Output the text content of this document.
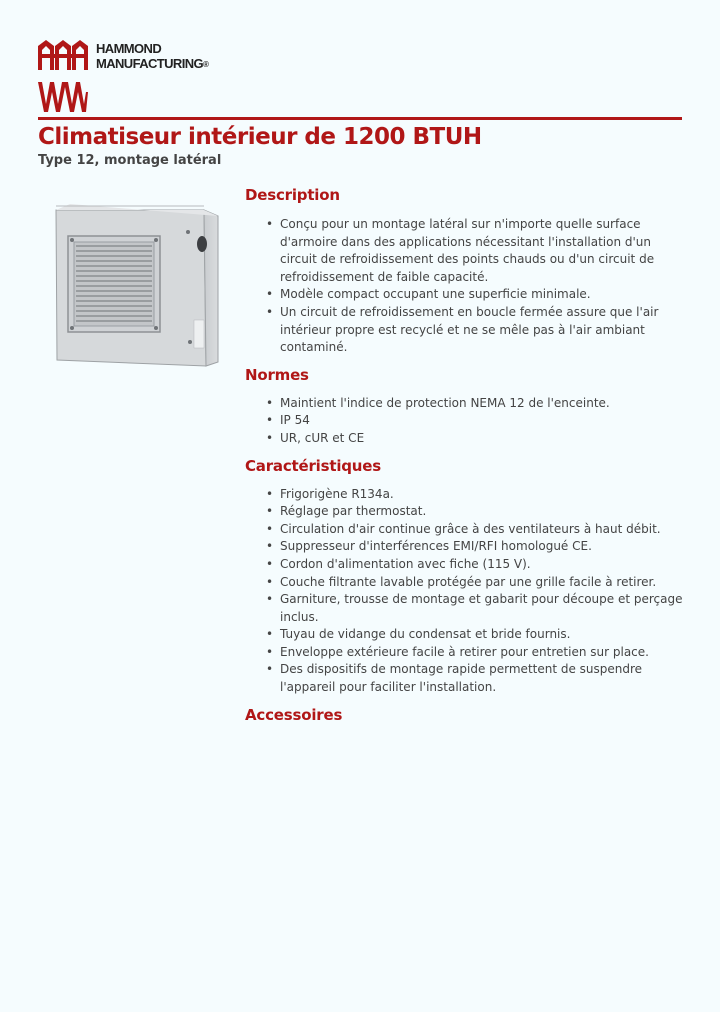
HAMMOND
MANUFACTURING®
Climatiseur intérieur de 1200 BTUH
Type 12, montage latéral
Description
• Conçu pour un montage latéral sur n'importe quelle surface d'armoire dans des applications nécessitant l'installation d'un circuit de refroidissement des points chauds ou d'un circuit de refroidissement de faible capacité.
• Modèle compact occupant une superficie minimale.
• Un circuit de refroidissement en boucle fermée assure que l'air intérieur propre est recyclé et ne se mêle pas à l'air ambiant contaminé.
Normes
• Maintient l'indice de protection NEMA 12 de l'enceinte.
• IP 54
• UR, cUR et CE
Caractéristiques
• Frigorigène R134a.
• Réglage par thermostat.
• Circulation d'air continue grâce à des ventilateurs à haut débit.
• Suppresseur d'interférences EMI/RFI homologué CE.
• Cordon d'alimentation avec fiche (115 V).
• Couche filtrante lavable protégée par une grille facile à retirer.
• Garniture, trousse de montage et gabarit pour découpe et perçage inclus.
• Tuyau de vidange du condensat et bride fournis.
• Enveloppe extérieure facile à retirer pour entretien sur place.
• Des dispositifs de montage rapide permettent de suspendre l'appareil pour faciliter l'installation.
Accessoires
